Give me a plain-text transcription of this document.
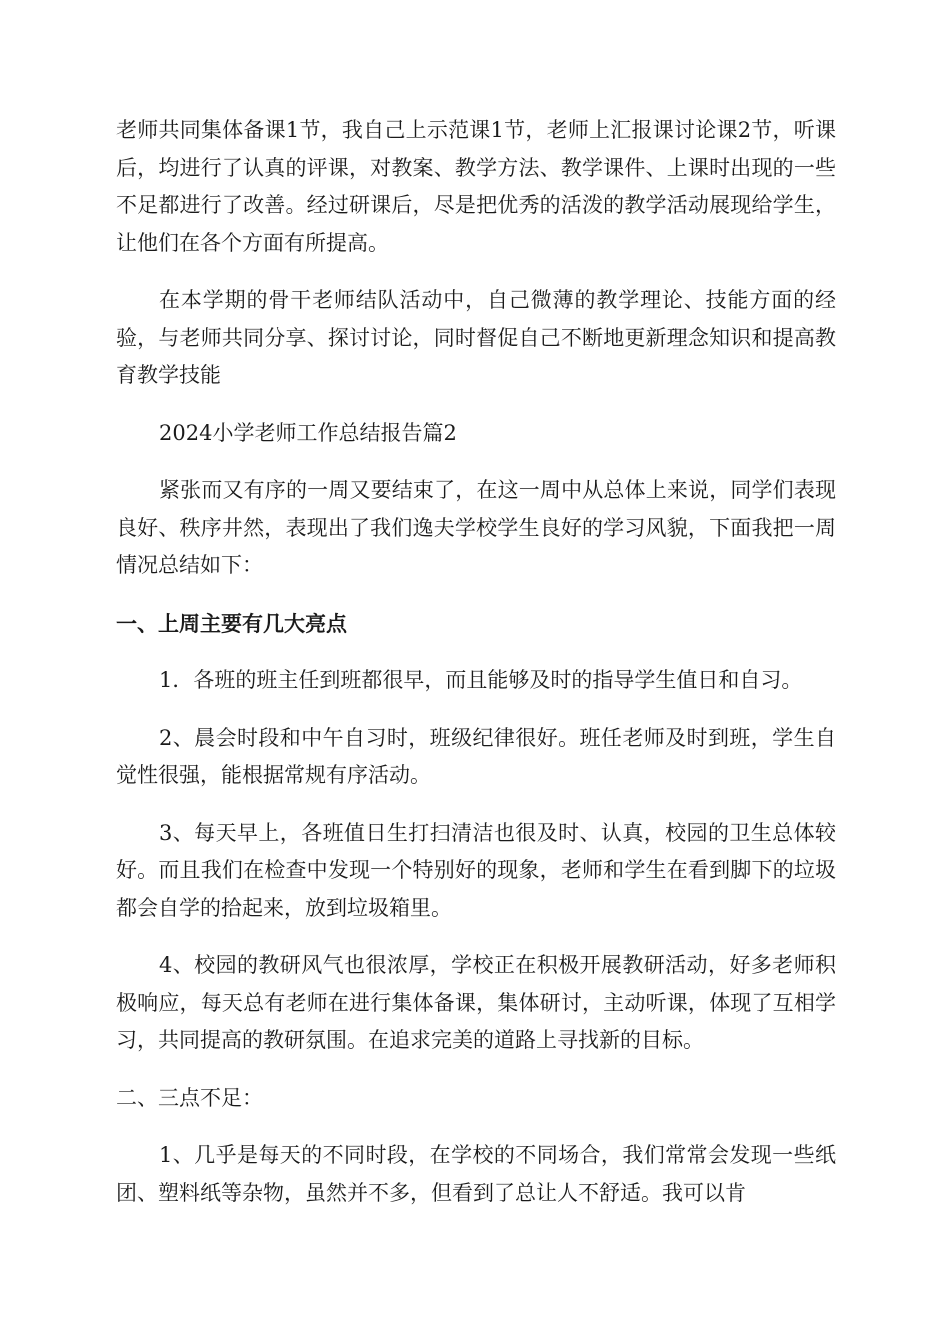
老师共同集体备课1节，我自己上示范课1节，老师上汇报课讨论课2节，听课后，均进行了认真的评课，对教案、教学方法、教学课件、上课时出现的一些不足都进行了改善。经过研课后，尽是把优秀的活泼的教学活动展现给学生，让他们在各个方面有所提高。

在本学期的骨干老师结队活动中，自己微薄的教学理论、技能方面的经验，与老师共同分享、探讨讨论，同时督促自己不断地更新理念知识和提高教育教学技能

2024小学老师工作总结报告篇2

紧张而又有序的一周又要结束了，在这一周中从总体上来说，同学们表现良好、秩序井然，表现出了我们逸夫学校学生良好的学习风貌，下面我把一周情况总结如下：

一、上周主要有几大亮点

1．各班的班主任到班都很早，而且能够及时的指导学生值日和自习。

2、晨会时段和中午自习时，班级纪律很好。班任老师及时到班，学生自觉性很强，能根据常规有序活动。

3、每天早上，各班值日生打扫清洁也很及时、认真，校园的卫生总体较好。而且我们在检查中发现一个特别好的现象，老师和学生在看到脚下的垃圾都会自学的拾起来，放到垃圾箱里。

4、校园的教研风气也很浓厚，学校正在积极开展教研活动，好多老师积极响应，每天总有老师在进行集体备课，集体研讨，主动听课，体现了互相学习，共同提高的教研氛围。在追求完美的道路上寻找新的目标。

二、三点不足：

1、几乎是每天的不同时段，在学校的不同场合，我们常常会发现一些纸团、塑料纸等杂物，虽然并不多，但看到了总让人不舒适。我可以肯
